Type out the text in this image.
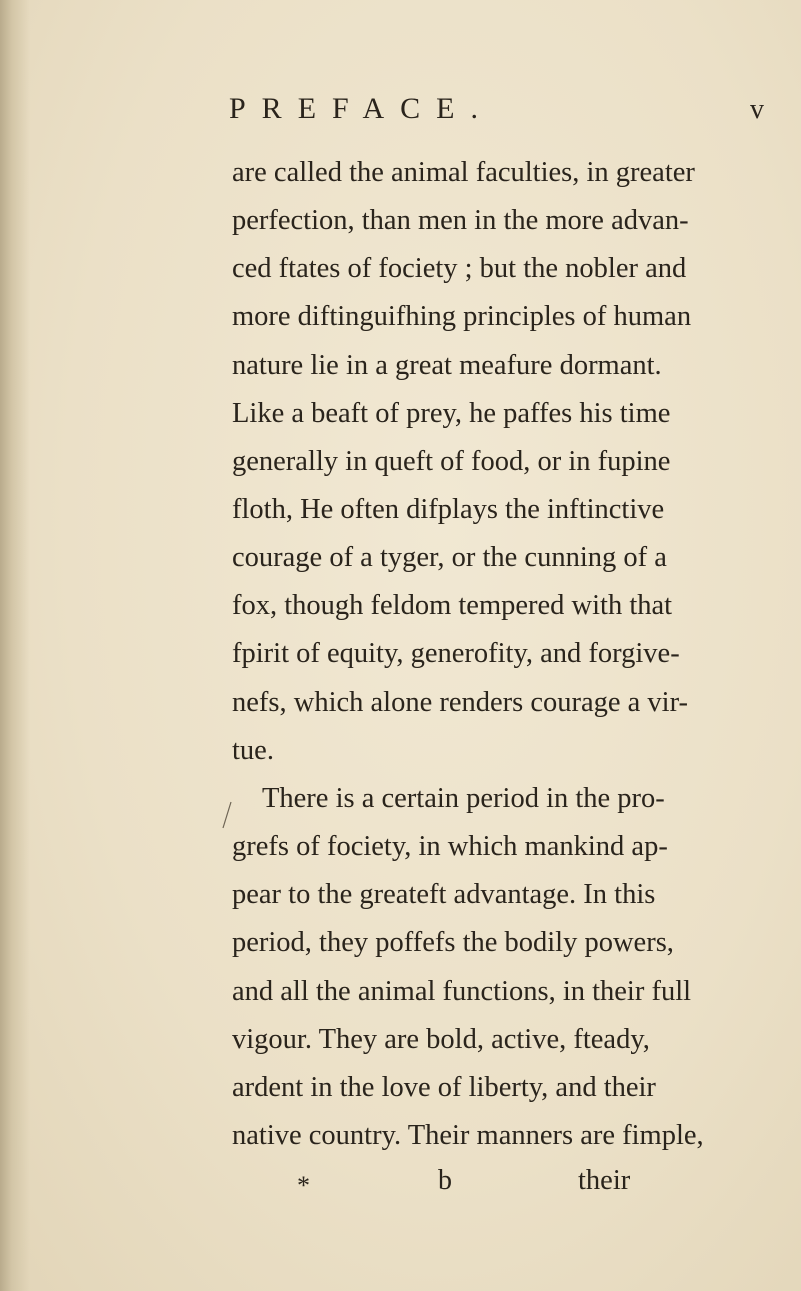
PREFACE.	v
are called the animal faculties, in greater
perfection, than men in the more advan-
ced ftates of fociety ; but the nobler and
more diftinguifhing principles of human
nature lie in a great meafure dormant.
Like a beaft of prey, he paffes his time
generally in queft of food, or in fupine
floth, He often difplays the inftinctive
courage of a tyger, or the cunning of a
fox, though feldom tempered with that
fpirit of equity, generofity, and forgive-
nefs, which alone renders courage a vir-
tue.
There is a certain period in the pro-
grefs of fociety, in which mankind ap-
pear to the greateft advantage. In this
period, they poffefs the bodily powers,
and all the animal functions, in their full
vigour. They are bold, active, fteady,
ardent in the love of liberty, and their
native country. Their manners are fimple,
*	b	their
